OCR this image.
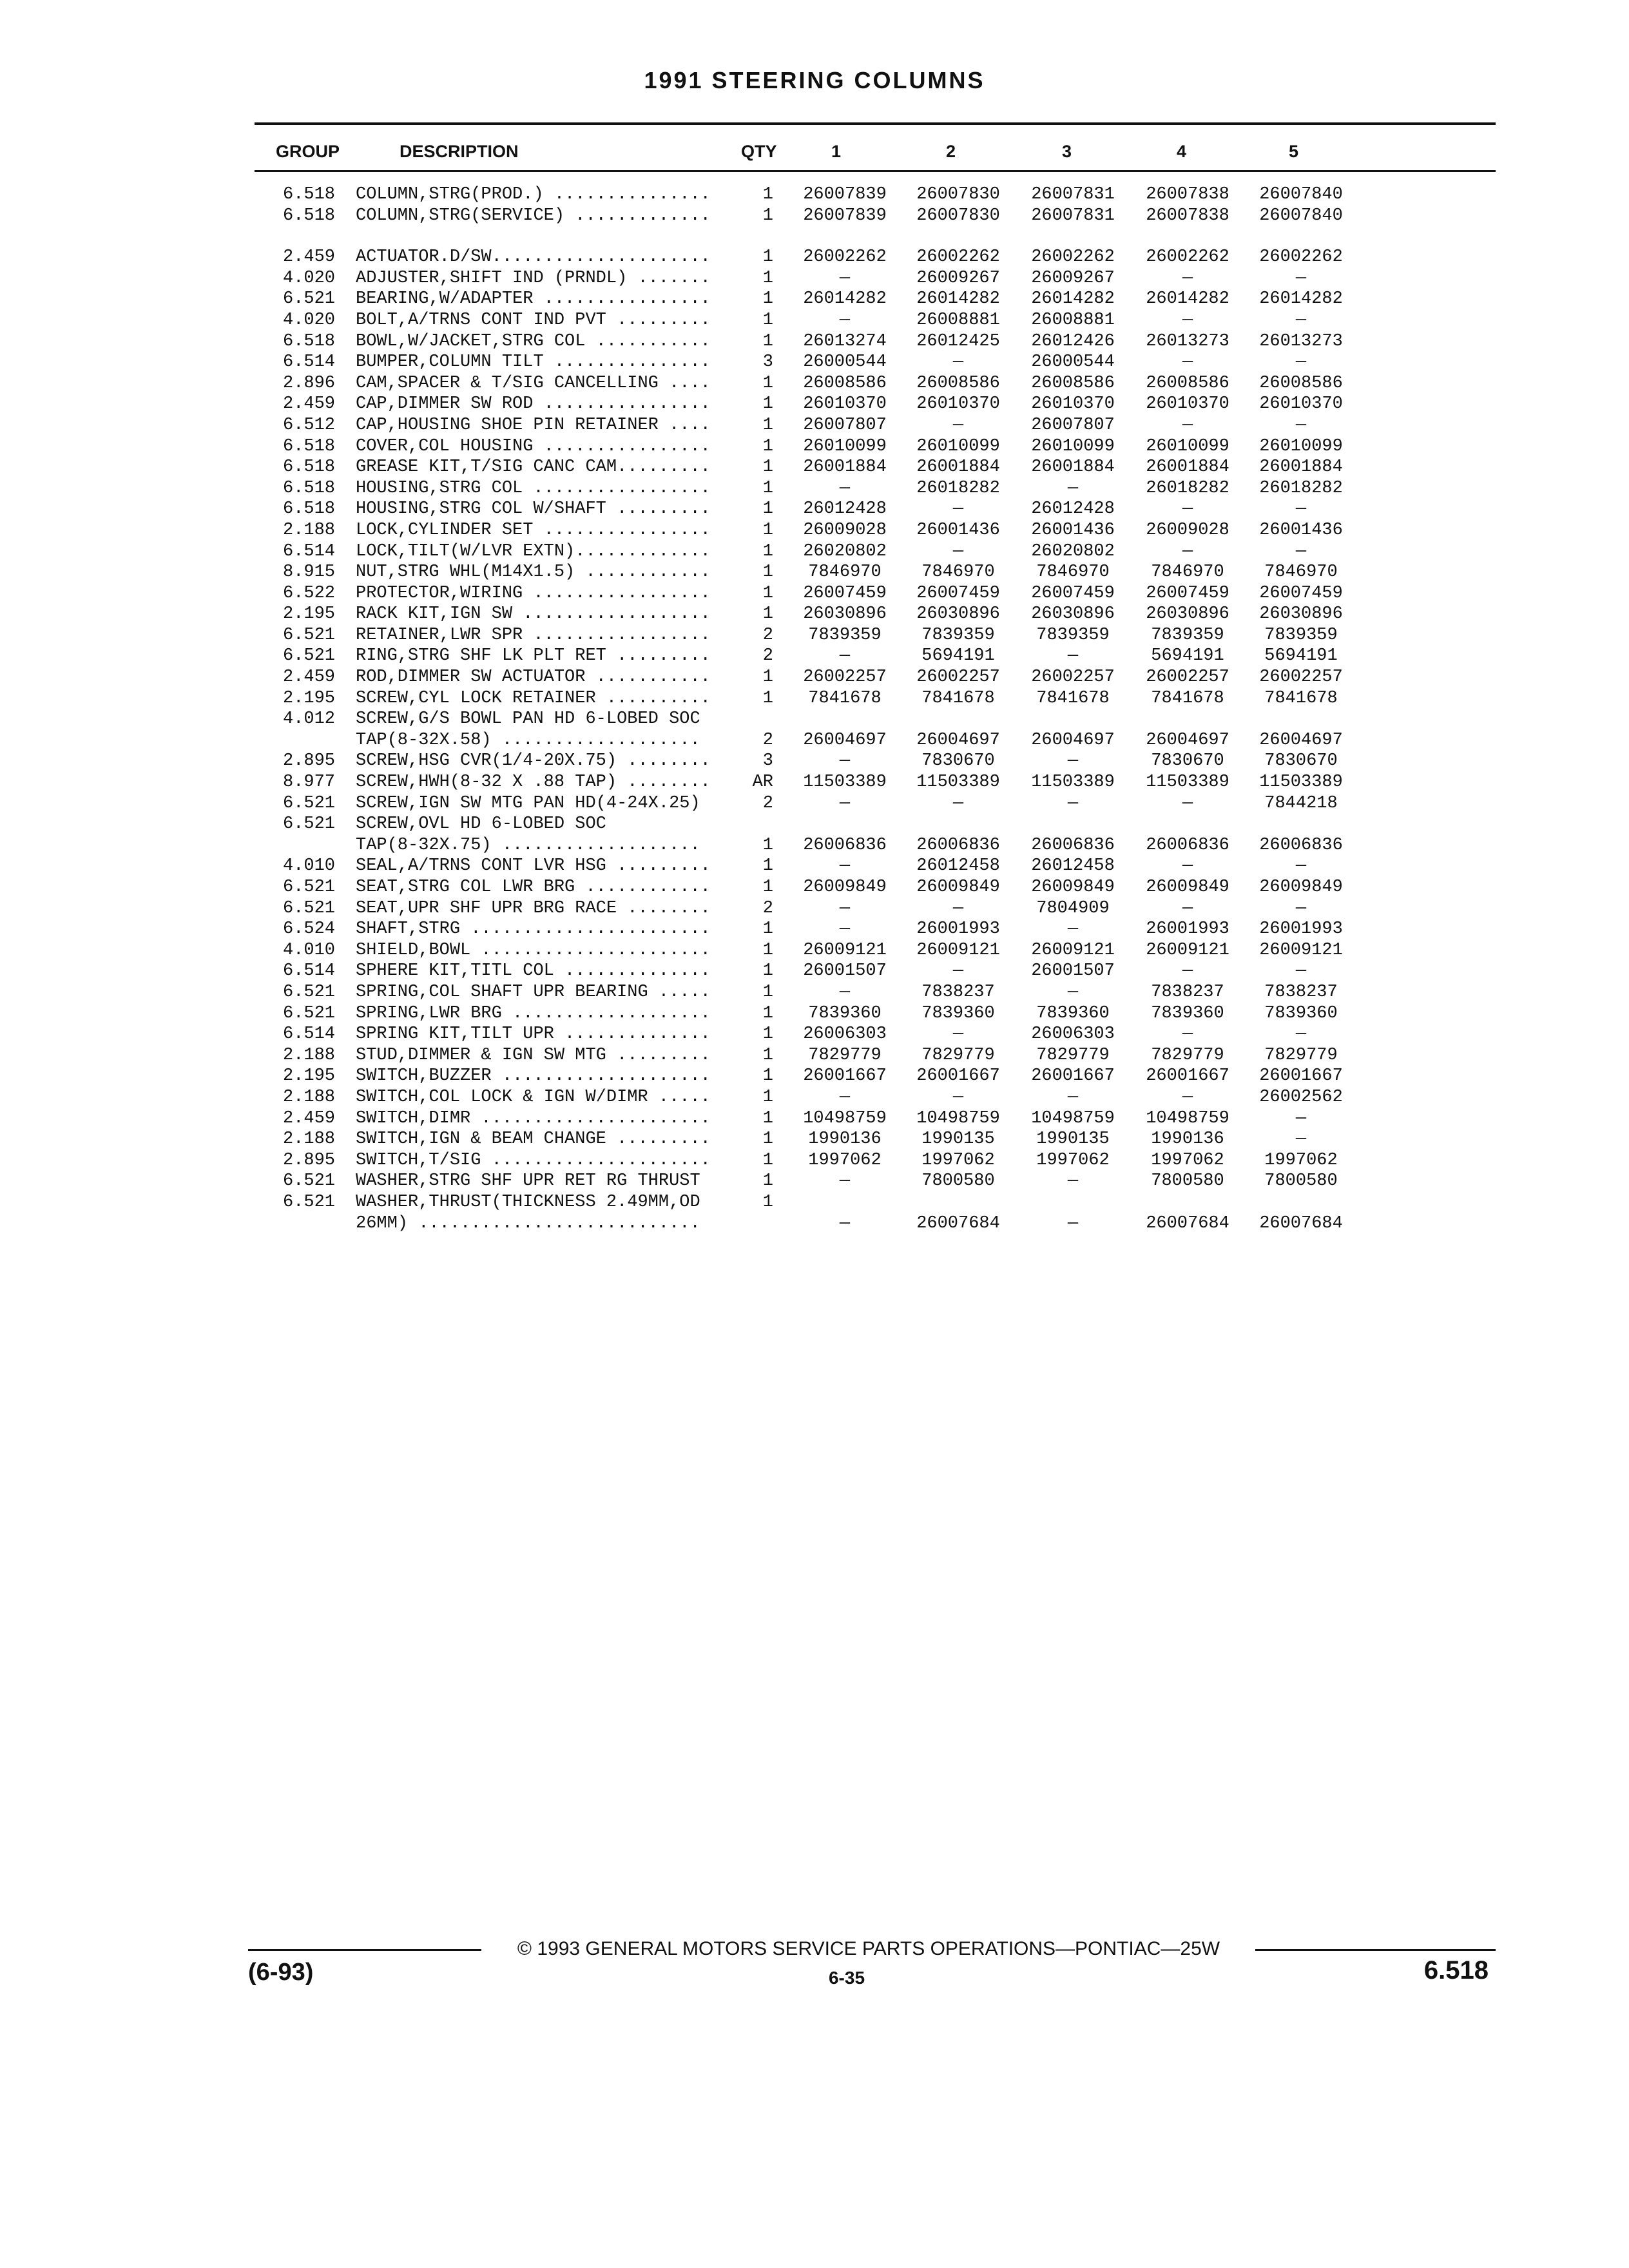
1991 STEERING COLUMNS
GROUP	DESCRIPTION	QTY	1	2	3	4	5
6.518 COLUMN,STRG(PROD.) ...............	1	26007839	26007830	26007831	26007838	26007840
6.518 COLUMN,STRG(SERVICE) .............	1	26007839	26007830	26007831	26007838	26007840
2.459 ACTUATOR.D/SW.....................	1	26002262	26002262	26002262	26002262	26002262
4.020 ADJUSTER,SHIFT IND (PRNDL) .......	1	—	26009267	26009267	—	—
6.521 BEARING,W/ADAPTER ................	1	26014282	26014282	26014282	26014282	26014282
4.020 BOLT,A/TRNS CONT IND PVT .........	1	—	26008881	26008881	—	—
6.518 BOWL,W/JACKET,STRG COL ...........	1	26013274	26012425	26012426	26013273	26013273
6.514 BUMPER,COLUMN TILT ...............	3	26000544	—	26000544	—	—
2.896 CAM,SPACER & T/SIG CANCELLING ....	1	26008586	26008586	26008586	26008586	26008586
2.459 CAP,DIMMER SW ROD ................	1	26010370	26010370	26010370	26010370	26010370
6.512 CAP,HOUSING SHOE PIN RETAINER ....	1	26007807	—	26007807	—	—
6.518 COVER,COL HOUSING ................	1	26010099	26010099	26010099	26010099	26010099
6.518 GREASE KIT,T/SIG CANC CAM.........	1	26001884	26001884	26001884	26001884	26001884
6.518 HOUSING,STRG COL .................	1	—	26018282	—	26018282	26018282
6.518 HOUSING,STRG COL W/SHAFT .........	1	26012428	—	26012428	—	—
2.188 LOCK,CYLINDER SET ................	1	26009028	26001436	26001436	26009028	26001436
6.514 LOCK,TILT(W/LVR EXTN).............	1	26020802	—	26020802	—	—
8.915 NUT,STRG WHL(M14X1.5) ............	1	7846970	7846970	7846970	7846970	7846970
6.522 PROTECTOR,WIRING .................	1	26007459	26007459	26007459	26007459	26007459
2.195 RACK KIT,IGN SW ..................	1	26030896	26030896	26030896	26030896	26030896
6.521 RETAINER,LWR SPR .................	2	7839359	7839359	7839359	7839359	7839359
6.521 RING,STRG SHF LK PLT RET .........	2	—	5694191	—	5694191	5694191
2.459 ROD,DIMMER SW ACTUATOR ...........	1	26002257	26002257	26002257	26002257	26002257
2.195 SCREW,CYL LOCK RETAINER ..........	1	7841678	7841678	7841678	7841678	7841678
4.012 SCREW,G/S BOWL PAN HD 6-LOBED SOC
TAP(8-32X.58) ...................	2	26004697	26004697	26004697	26004697	26004697
2.895 SCREW,HSG CVR(1/4-20X.75) ........	3	—	7830670	—	7830670	7830670
8.977 SCREW,HWH(8-32 X .88 TAP) ........	AR	11503389	11503389	11503389	11503389	11503389
6.521 SCREW,IGN SW MTG PAN HD(4-24X.25)	2	—	—	—	—	7844218
6.521 SCREW,OVL HD 6-LOBED SOC
TAP(8-32X.75) ...................	1	26006836	26006836	26006836	26006836	26006836
4.010 SEAL,A/TRNS CONT LVR HSG .........	1	—	26012458	26012458	—	—
6.521 SEAT,STRG COL LWR BRG ............	1	26009849	26009849	26009849	26009849	26009849
6.521 SEAT,UPR SHF UPR BRG RACE ........	2	—	—	7804909	—	—
6.524 SHAFT,STRG .......................	1	—	26001993	—	26001993	26001993
4.010 SHIELD,BOWL ......................	1	26009121	26009121	26009121	26009121	26009121
6.514 SPHERE KIT,TITL COL ..............	1	26001507	—	26001507	—	—
6.521 SPRING,COL SHAFT UPR BEARING .....	1	—	7838237	—	7838237	7838237
6.521 SPRING,LWR BRG ...................	1	7839360	7839360	7839360	7839360	7839360
6.514 SPRING KIT,TILT UPR ..............	1	26006303	—	26006303	—	—
2.188 STUD,DIMMER & IGN SW MTG .........	1	7829779	7829779	7829779	7829779	7829779
2.195 SWITCH,BUZZER ....................	1	26001667	26001667	26001667	26001667	26001667
2.188 SWITCH,COL LOCK & IGN W/DIMR .....	1	—	—	—	—	26002562
2.459 SWITCH,DIMR ......................	1	10498759	10498759	10498759	10498759	—
2.188 SWITCH,IGN & BEAM CHANGE .........	1	1990136	1990135	1990135	1990136	—
2.895 SWITCH,T/SIG .....................	1	1997062	1997062	1997062	1997062	1997062
6.521 WASHER,STRG SHF UPR RET RG THRUST	1	—	7800580	—	7800580	7800580
6.521 WASHER,THRUST(THICKNESS 2.49MM,OD	1
26MM) ...........................	—	26007684	—	26007684	26007684
© 1993 GENERAL MOTORS SERVICE PARTS OPERATIONS—PONTIAC—25W
(6-93)	6-35	6.518
